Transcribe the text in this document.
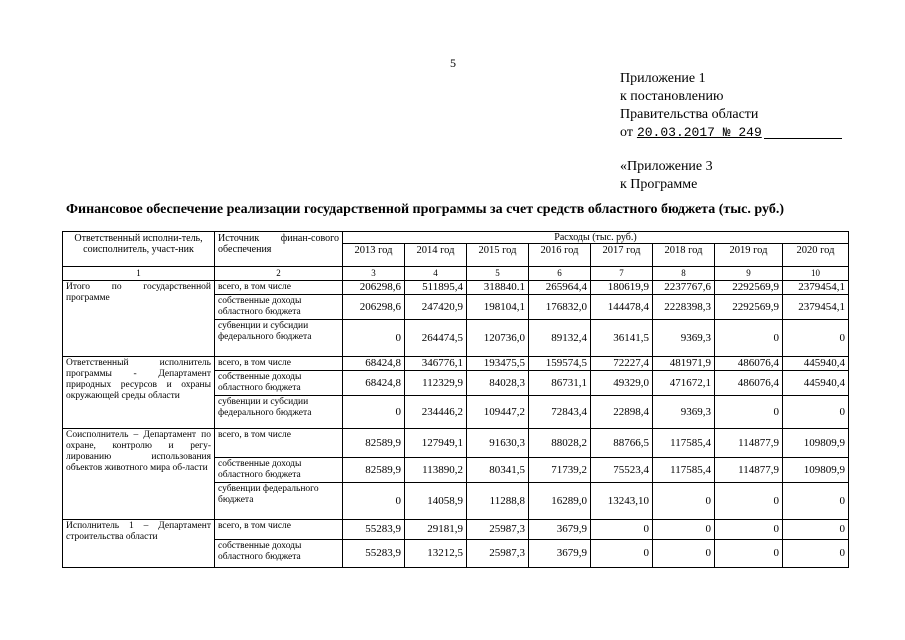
5
Приложение 1
к постановлению
Правительства области
от 20.03.2017 № 249
«Приложение 3
к Программе
Финансовое обеспечение реализации государственной программы за счет средств областного бюджета (тыс. руб.)
Ответственный исполни-тель, соисполнитель, участ-ник	Источник финан-сового обеспечения	Расходы (тыс. руб.)							
		2013 год	2014 год	2015 год	2016 год	2017 год	2018 год	2019 год	2020 год
1	2	3	4	5	6	7	8	9	10
Итого по государственной программе	всего, в том числе	206298,6	511895,4	318840.1	265964,4	180619,9	2237767,6	2292569,9	2379454,1
	собственные доходы областного бюджета	206298,6	247420,9	198104,1	176832,0	144478,4	2228398,3	2292569,9	2379454,1
	субвенции и субсидии федерального бюджета	0	264474,5	120736,0	89132,4	36141,5	9369,3	0	0
Ответственный исполнитель программы - Департамент природных ресурсов и охраны окружающей среды области	всего, в том числе	68424,8	346776,1	193475,5	159574,5	72227,4	481971,9	486076,4	445940,4
	собственные доходы областного бюджета	68424,8	112329,9	84028,3	86731,1	49329,0	471672,1	486076,4	445940,4
	субвенции и субсидии федерального бюджета	0	234446,2	109447,2	72843,4	22898,4	9369,3	0	0
Соисполнитель – Департамент по охране, контролю и регу-лированию использования объектов животного мира об-ласти	всего, в том числе	82589,9	127949,1	91630,3	88028,2	88766,5	117585,4	114877,9	109809,9
	собственные доходы областного бюджета	82589,9	113890,2	80341,5	71739,2	75523,4	117585,4	114877,9	109809,9
	субвенции федерального бюджета	0	14058,9	11288,8	16289,0	13243,10	0	0	0
Исполнитель 1 – Департамент строительства области	всего, в том числе	55283,9	29181,9	25987,3	3679,9	0	0	0	0
	собственные доходы областного бюджета	55283,9	13212,5	25987,3	3679,9	0	0	0	0
